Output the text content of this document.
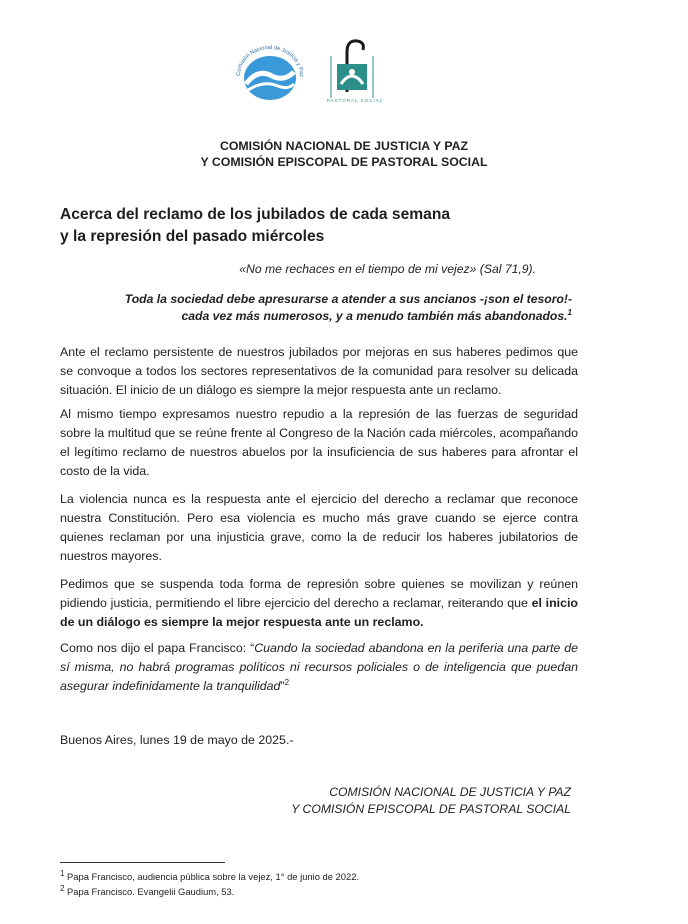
Comisión Nacional de Justicia y Paz
PASTORAL SOCIAL
COMISIÓN NACIONAL DE JUSTICIA Y PAZ
Y COMISIÓN EPISCOPAL DE PASTORAL SOCIAL
Acerca del reclamo de los jubilados de cada semana
y la represión del pasado miércoles
«No me rechaces en el tiempo de mi vejez» (Sal 71,9).
Toda la sociedad debe apresurarse a atender a sus ancianos -¡son el tesoro!-
cada vez más numerosos, y a menudo también más abandonados.$^1$
Ante el reclamo persistente de nuestros jubilados por mejoras en sus haberes pedimos que se convoque a todos los sectores representativos de la comunidad para resolver su delicada situación. El inicio de un diálogo es siempre la mejor respuesta ante un reclamo.
Al mismo tiempo expresamos nuestro repudio a la represión de las fuerzas de seguridad sobre la multitud que se reúne frente al Congreso de la Nación cada miércoles, acompañando el legítimo reclamo de nuestros abuelos por la insuficiencia de sus haberes para afrontar el costo de la vida.
La violencia nunca es la respuesta ante el ejercicio del derecho a reclamar que reconoce nuestra Constitución. Pero esa violencia es mucho más grave cuando se ejerce contra quienes reclaman por una injusticia grave, como la de reducir los haberes jubilatorios de nuestros mayores.
Pedimos que se suspenda toda forma de represión sobre quienes se movilizan y reúnen pidiendo justicia, permitiendo el libre ejercicio del derecho a reclamar, reiterando que el inicio de un diálogo es siempre la mejor respuesta ante un reclamo.
Como nos dijo el papa Francisco: “Cuando la sociedad abandona en la periferia una parte de sí misma, no habrá programas políticos ni recursos policiales o de inteligencia que puedan asegurar indefinidamente la tranquilidad”$^2$
Buenos Aires, lunes 19 de mayo de 2025.-
COMISIÓN NACIONAL DE JUSTICIA Y PAZ
Y COMISIÓN EPISCOPAL DE PASTORAL SOCIAL
$^1$ Papa Francisco, audiencia pública sobre la vejez, 1° de junio de 2022.
$^2$ Papa Francisco. Evangelii Gaudium, 53.
